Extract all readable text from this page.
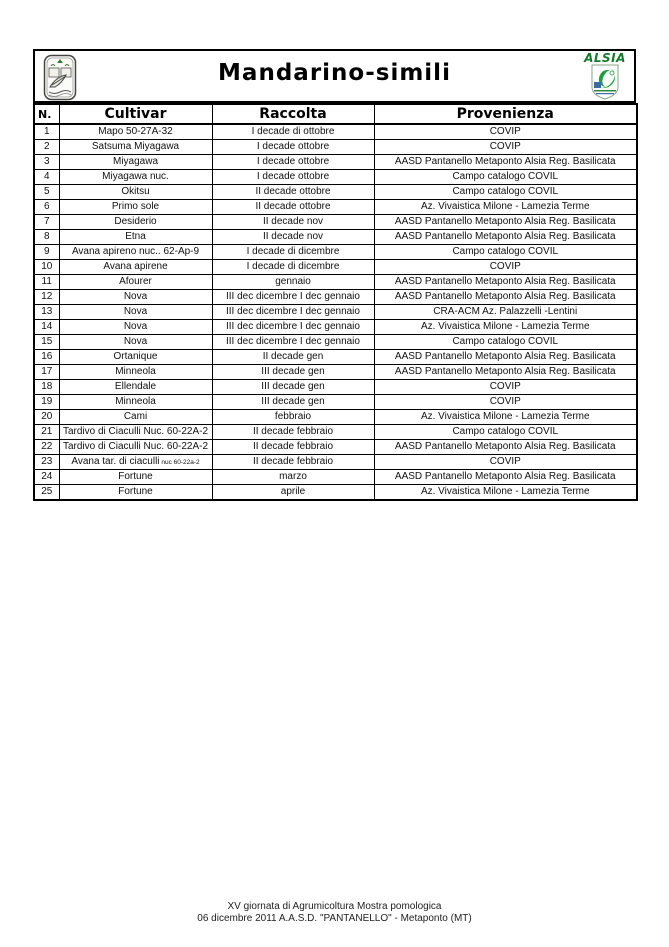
Mandarino-simili
ALSIA
N.	Cultivar	Raccolta	Provenienza
1	Mapo 50-27A-32	I decade di ottobre	COVIP
2	Satsuma Miyagawa	I decade ottobre	COVIP
3	Miyagawa	I decade ottobre	AASD Pantanello Metaponto Alsia Reg. Basilicata
4	Miyagawa nuc.	I decade ottobre	Campo catalogo COVIL
5	Okitsu	II decade ottobre	Campo catalogo COVIL
6	Primo sole	II decade ottobre	Az. Vivaistica Milone - Lamezia Terme
7	Desiderio	II decade nov	AASD Pantanello Metaponto Alsia Reg. Basilicata
8	Etna	II decade nov	AASD Pantanello Metaponto Alsia Reg. Basilicata
9	Avana apireno nuc.. 62-Ap-9	I decade di dicembre	Campo catalogo COVIL
10	Avana apirene	I decade di dicembre	COVIP
11	Afourer	gennaio	AASD Pantanello Metaponto Alsia Reg. Basilicata
12	Nova	III dec dicembre I dec gennaio	AASD Pantanello Metaponto Alsia Reg. Basilicata
13	Nova	III dec dicembre I dec gennaio	CRA-ACM Az. Palazzelli -Lentini
14	Nova	III dec dicembre I dec gennaio	Az. Vivaistica Milone - Lamezia Terme
15	Nova	III dec dicembre I dec gennaio	Campo catalogo COVIL
16	Ortanique	II decade gen	AASD Pantanello Metaponto Alsia Reg. Basilicata
17	Minneola	III decade gen	AASD Pantanello Metaponto Alsia Reg. Basilicata
18	Ellendale	III decade gen	COVIP
19	Minneola	III decade gen	COVIP
20	Cami	febbraio	Az. Vivaistica Milone - Lamezia Terme
21	Tardivo di Ciaculli Nuc. 60-22A-2	II decade febbraio	Campo catalogo COVIL
22	Tardivo di Ciaculli Nuc. 60-22A-2	II decade febbraio	AASD Pantanello Metaponto Alsia Reg. Basilicata
23	Avana tar. di ciaculli nuc 60-22a-2	II decade febbraio	COVIP
24	Fortune	marzo	AASD Pantanello Metaponto Alsia Reg. Basilicata
25	Fortune	aprile	Az. Vivaistica Milone - Lamezia Terme
XV giornata di Agrumicoltura Mostra pomologica
06 dicembre 2011 A.A.S.D. "PANTANELLO" - Metaponto (MT)
